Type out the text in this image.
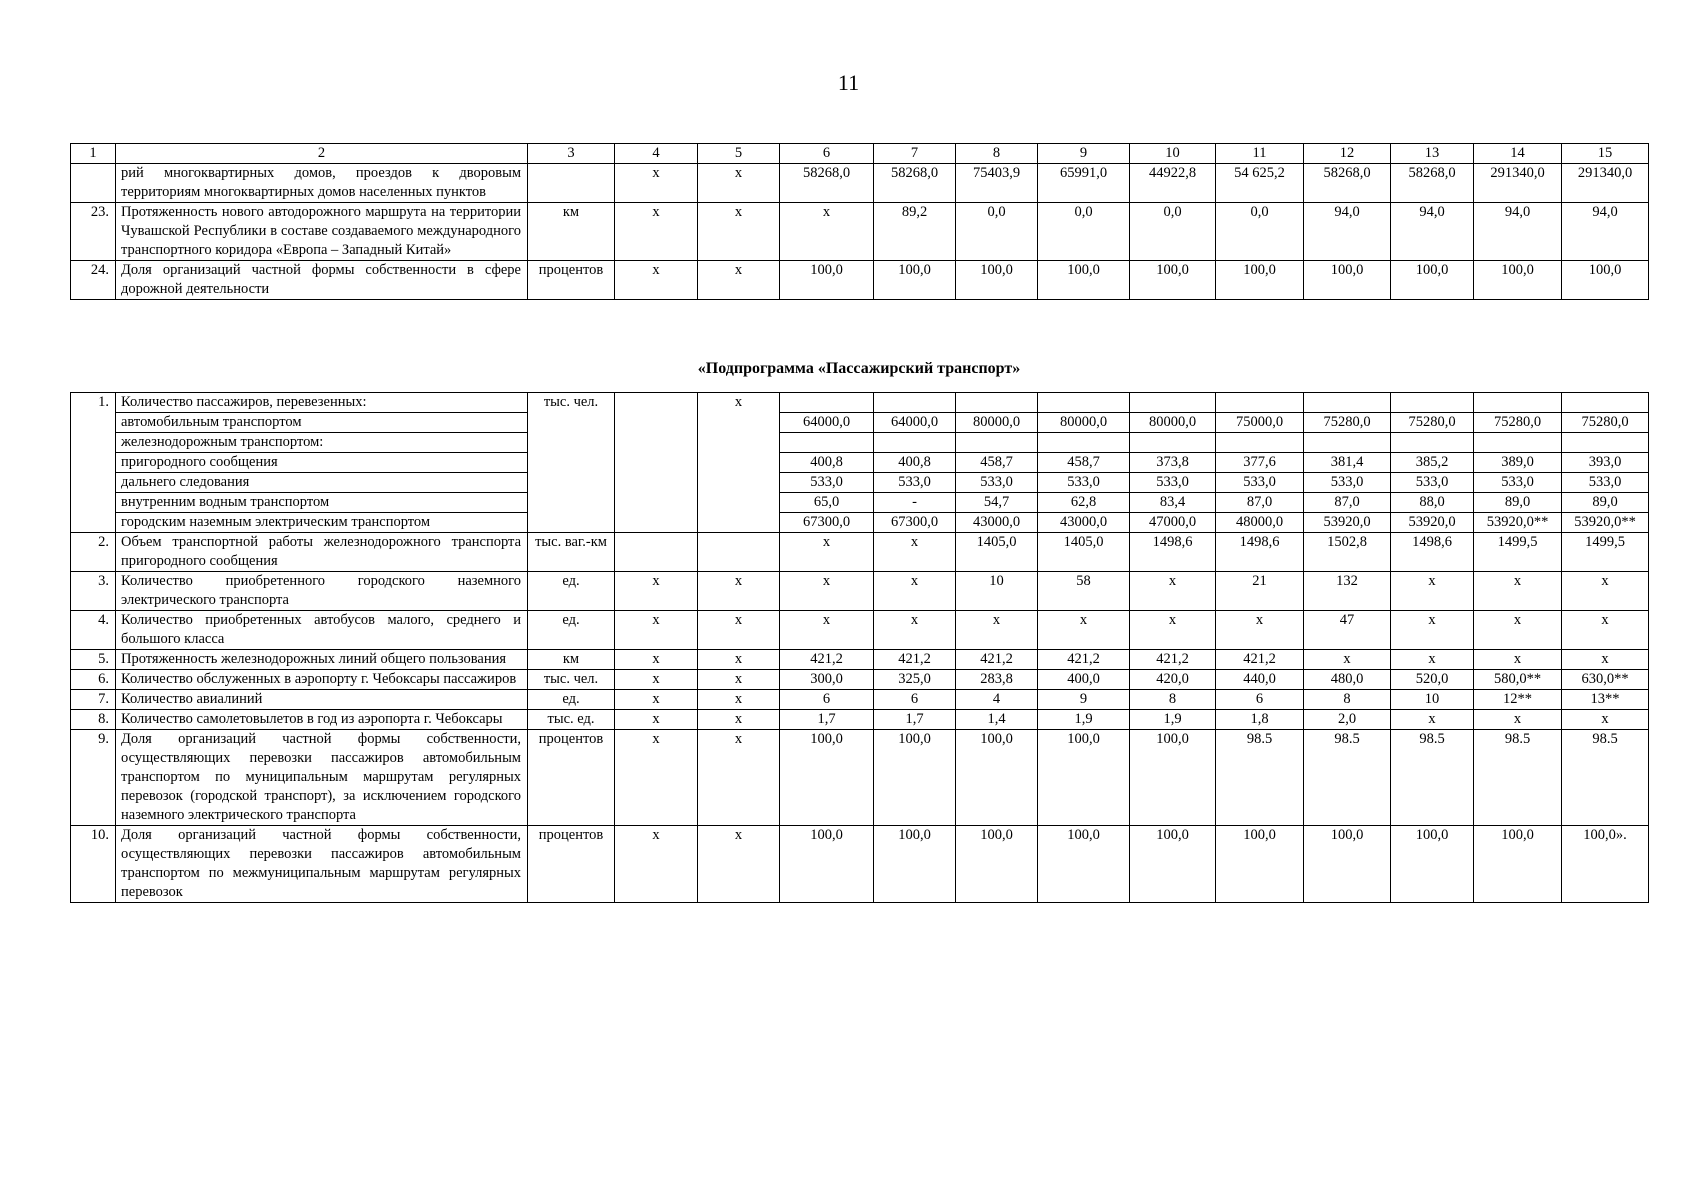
11
1	2	3	4	5	6	7	8	9	10	11	12	13	14	15
	рий многоквартирных домов, проездов к дворовым территориям многоквартирных домов населенных пунктов		x	x	58268,0	58268,0	75403,9	65991,0	44922,8	54 625,2	58268,0	58268,0	291340,0	291340,0
23.	Протяженность нового автодорожного маршрута на территории Чувашской Республики в составе создаваемого международного транспортного коридора «Европа – Западный Китай»	км	x	x	x	89,2	0,0	0,0	0,0	0,0	94,0	94,0	94,0	94,0
24.	Доля организаций частной формы собственности в сфере дорожной деятельности	процентов	x	x	100,0	100,0	100,0	100,0	100,0	100,0	100,0	100,0	100,0	100,0
«Подпрограмма «Пассажирский транспорт»
1.	Количество пассажиров, перевезенных:	тыс. чел.		x										
	автомобильным транспортом				64000,0	64000,0	80000,0	80000,0	80000,0	75000,0	75280,0	75280,0	75280,0	75280,0
	железнодорожным транспортом:													
	пригородного сообщения				400,8	400,8	458,7	458,7	373,8	377,6	381,4	385,2	389,0	393,0
	дальнего следования				533,0	533,0	533,0	533,0	533,0	533,0	533,0	533,0	533,0	533,0
	внутренним водным транспортом				65,0	-	54,7	62,8	83,4	87,0	87,0	88,0	89,0	89,0
	городским наземным электрическим транспортом				67300,0	67300,0	43000,0	43000,0	47000,0	48000,0	53920,0	53920,0	53920,0**	53920,0**
2.	Объем транспортной работы железнодорожного транспорта пригородного сообщения	тыс. ваг.-км			x	x	1405,0	1405,0	1498,6	1498,6	1502,8	1498,6	1499,5	1499,5
3.	Количество приобретенного городского наземного электрического транспорта	ед.	x	x	x	x	10	58	x	21	132	x	x	x
4.	Количество приобретенных автобусов малого, среднего и большого класса	ед.	x	x	x	x	x	x	x	x	47	x	x	x
5.	Протяженность железнодорожных линий общего пользования	км	x	x	421,2	421,2	421,2	421,2	421,2	421,2	x	x	x	x
6.	Количество обслуженных в аэропорту г. Чебоксары пассажиров	тыс. чел.	x	x	300,0	325,0	283,8	400,0	420,0	440,0	480,0	520,0	580,0**	630,0**
7.	Количество авиалиний	ед.	x	x	6	6	4	9	8	6	8	10	12**	13**
8.	Количество самолетовылетов в год из аэропорта г. Чебоксары	тыс. ед.	x	x	1,7	1,7	1,4	1,9	1,9	1,8	2,0	x	x	x
9.	Доля организаций частной формы собственности, осуществляющих перевозки пассажиров автомобильным транспортом по муниципальным маршрутам регулярных перевозок (городской транспорт), за исключением городского наземного электрического транспорта	процентов	x	x	100,0	100,0	100,0	100,0	100,0	98.5	98.5	98.5	98.5	98.5
10.	Доля организаций частной формы собственности, осуществляющих перевозки пассажиров автомобильным транспортом по межмуниципальным маршрутам регулярных перевозок	процентов	x	x	100,0	100,0	100,0	100,0	100,0	100,0	100,0	100,0	100,0	100,0».
